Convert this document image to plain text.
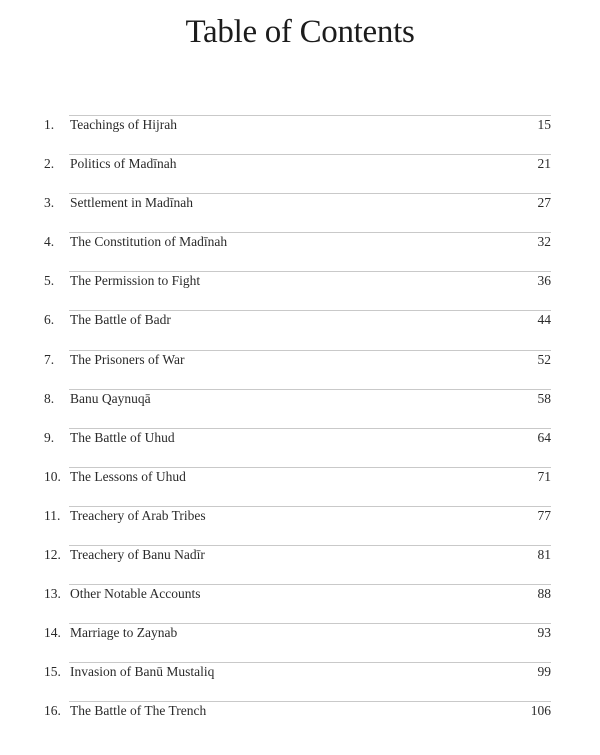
Table of Contents
1. Teachings of Hijrah	15
2. Politics of Madīnah	21
3. Settlement in Madīnah	27
4. The Constitution of Madīnah	32
5. The Permission to Fight	36
6. The Battle of Badr	44
7. The Prisoners of War	52
8. Banu Qaynuqā	58
9. The Battle of Uhud	64
10. The Lessons of Uhud	71
11. Treachery of Arab Tribes	77
12. Treachery of Banu Nadīr	81
13. Other Notable Accounts	88
14. Marriage to Zaynab	93
15. Invasion of Banū Mustaliq	99
16. The Battle of The Trench	106
